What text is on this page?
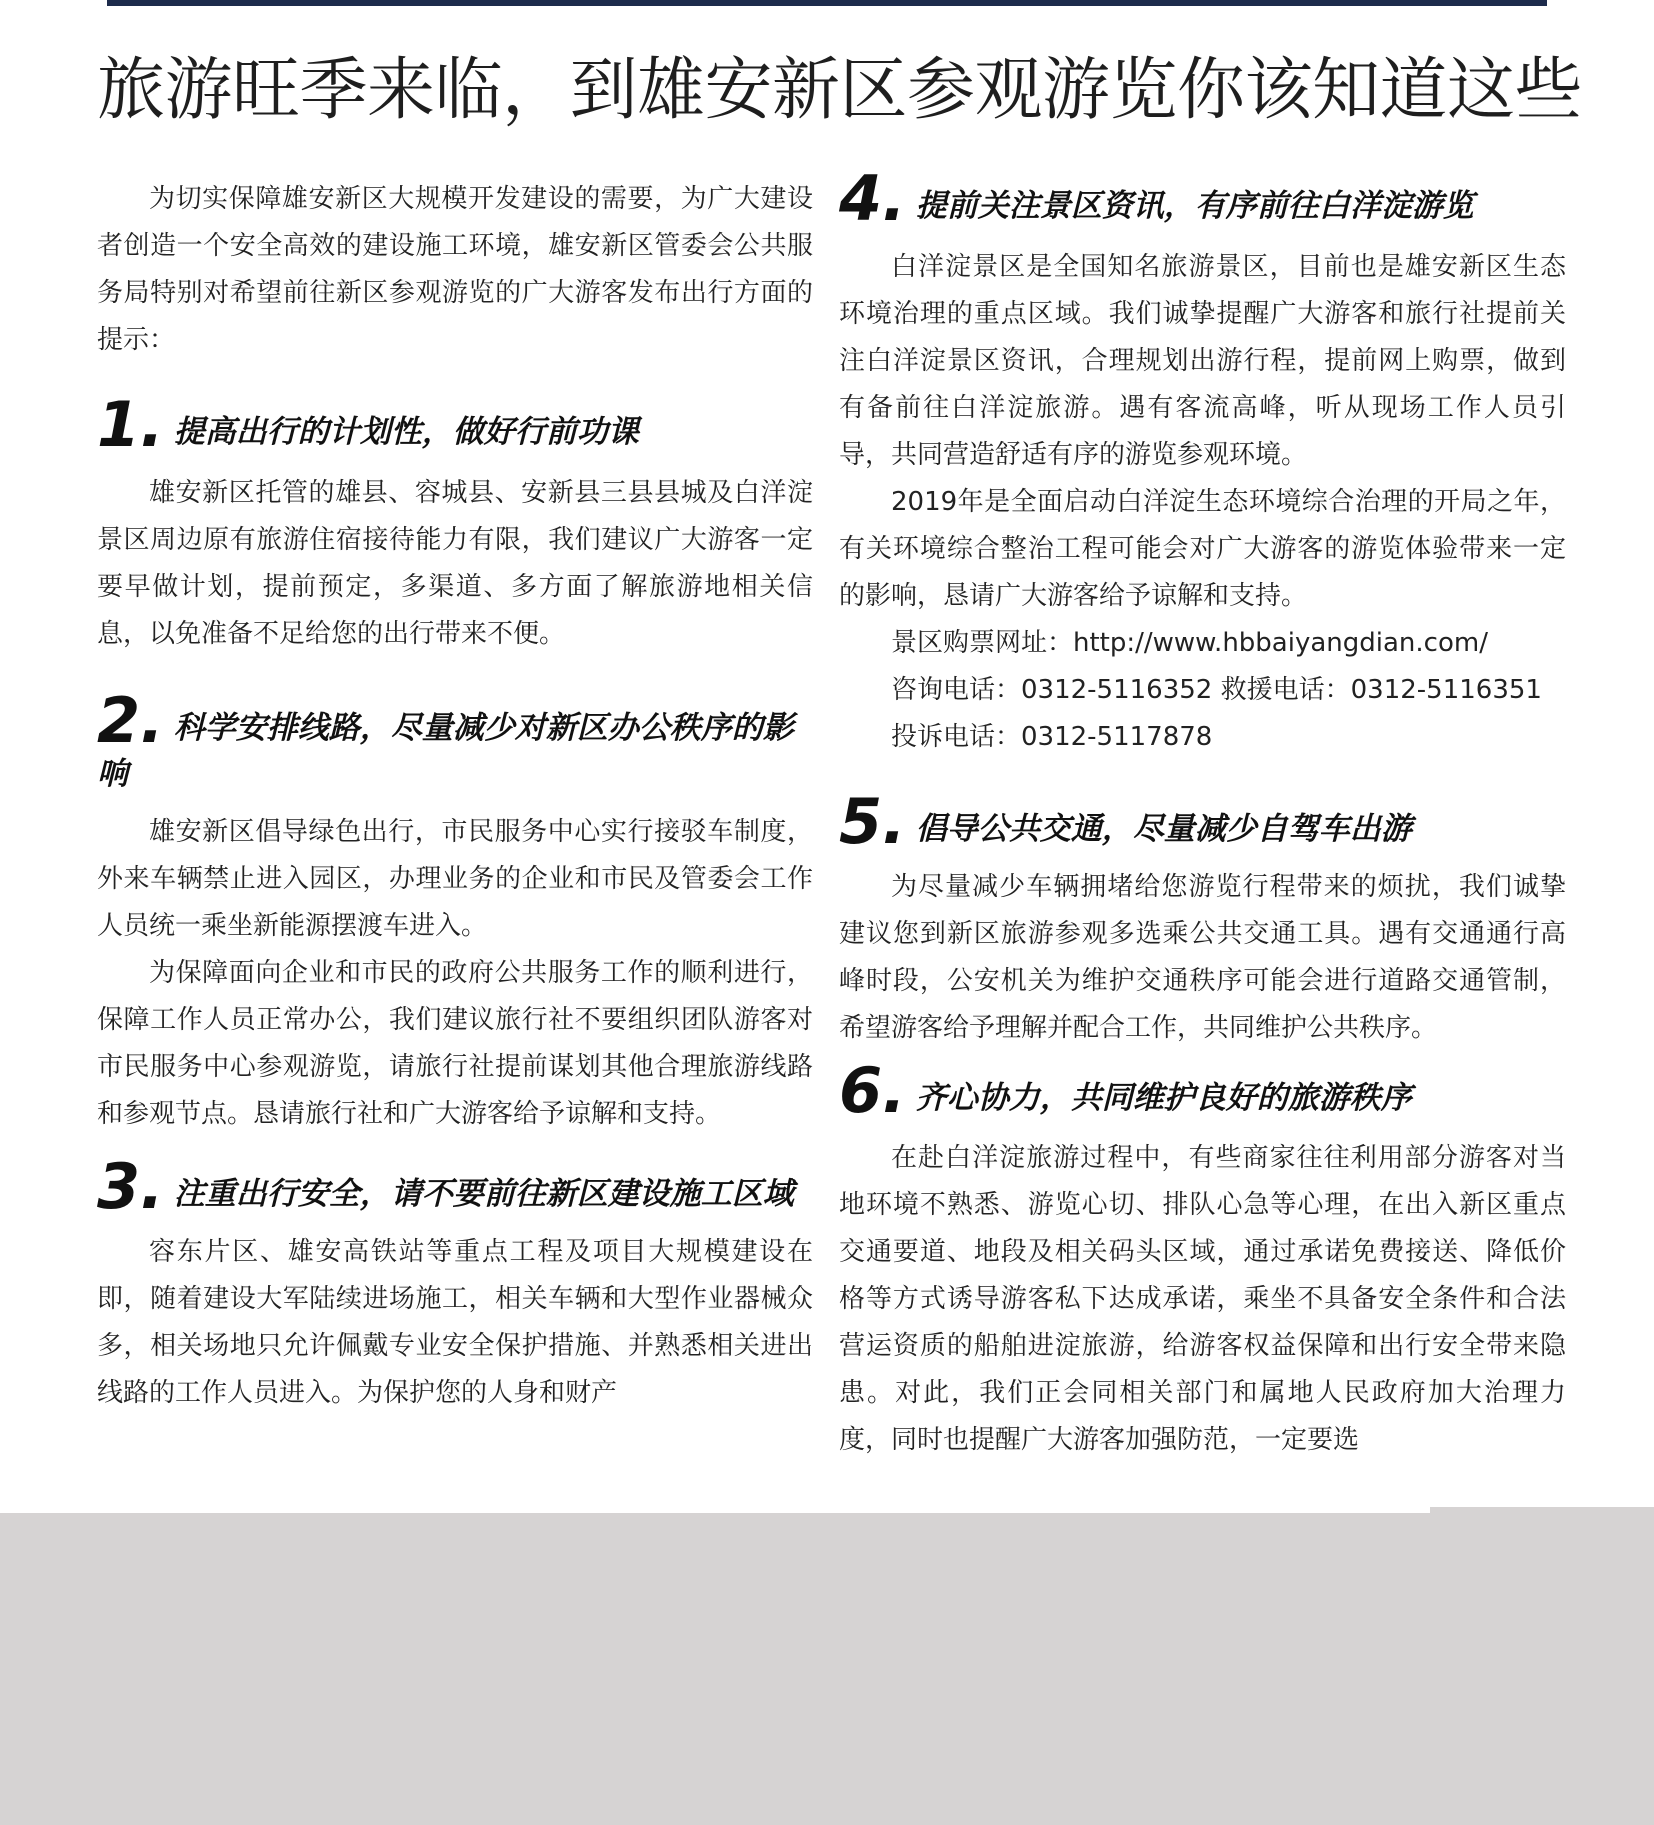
旅游旺季来临，到雄安新区参观游览你该知道这些

为切实保障雄安新区大规模开发建设的需要，为广大建设者创造一个安全高效的建设施工环境，雄安新区管委会公共服务局特别对希望前往新区参观游览的广大游客发布出行方面的提示：

1. 提高出行的计划性，做好行前功课

雄安新区托管的雄县、容城县、安新县三县县城及白洋淀景区周边原有旅游住宿接待能力有限，我们建议广大游客一定要早做计划，提前预定，多渠道、多方面了解旅游地相关信息，以免准备不足给您的出行带来不便。

2. 科学安排线路，尽量减少对新区办公秩序的影响

雄安新区倡导绿色出行，市民服务中心实行接驳车制度，外来车辆禁止进入园区，办理业务的企业和市民及管委会工作人员统一乘坐新能源摆渡车进入。

为保障面向企业和市民的政府公共服务工作的顺利进行，保障工作人员正常办公，我们建议旅行社不要组织团队游客对市民服务中心参观游览，请旅行社提前谋划其他合理旅游线路和参观节点。恳请旅行社和广大游客给予谅解和支持。

3. 注重出行安全，请不要前往新区建设施工区域

容东片区、雄安高铁站等重点工程及项目大规模建设在即，随着建设大军陆续进场施工，相关车辆和大型作业器械众多，相关场地只允许佩戴专业安全保护措施、并熟悉相关进出线路的工作人员进入。为保护您的人身和财产

4. 提前关注景区资讯，有序前往白洋淀游览

白洋淀景区是全国知名旅游景区，目前也是雄安新区生态环境治理的重点区域。我们诚挚提醒广大游客和旅行社提前关注白洋淀景区资讯，合理规划出游行程，提前网上购票，做到有备前往白洋淀旅游。遇有客流高峰，听从现场工作人员引导，共同营造舒适有序的游览参观环境。

2019年是全面启动白洋淀生态环境综合治理的开局之年，有关环境综合整治工程可能会对广大游客的游览体验带来一定的影响，恳请广大游客给予谅解和支持。

景区购票网址：http://www.hbbaiyangdian.com/

咨询电话：0312-5116352 救援电话：0312-5116351

投诉电话：0312-5117878

5. 倡导公共交通，尽量减少自驾车出游

为尽量减少车辆拥堵给您游览行程带来的烦扰，我们诚挚建议您到新区旅游参观多选乘公共交通工具。遇有交通通行高峰时段，公安机关为维护交通秩序可能会进行道路交通管制，希望游客给予理解并配合工作，共同维护公共秩序。

6. 齐心协力，共同维护良好的旅游秩序

在赴白洋淀旅游过程中，有些商家往往利用部分游客对当地环境不熟悉、游览心切、排队心急等心理，在出入新区重点交通要道、地段及相关码头区域，通过承诺免费接送、降低价格等方式诱导游客私下达成承诺，乘坐不具备安全条件和合法营运资质的船舶进淀旅游，给游客权益保障和出行安全带来隐患。对此，我们正会同相关部门和属地人民政府加大治理力度，同时也提醒广大游客加强防范，一定要选
